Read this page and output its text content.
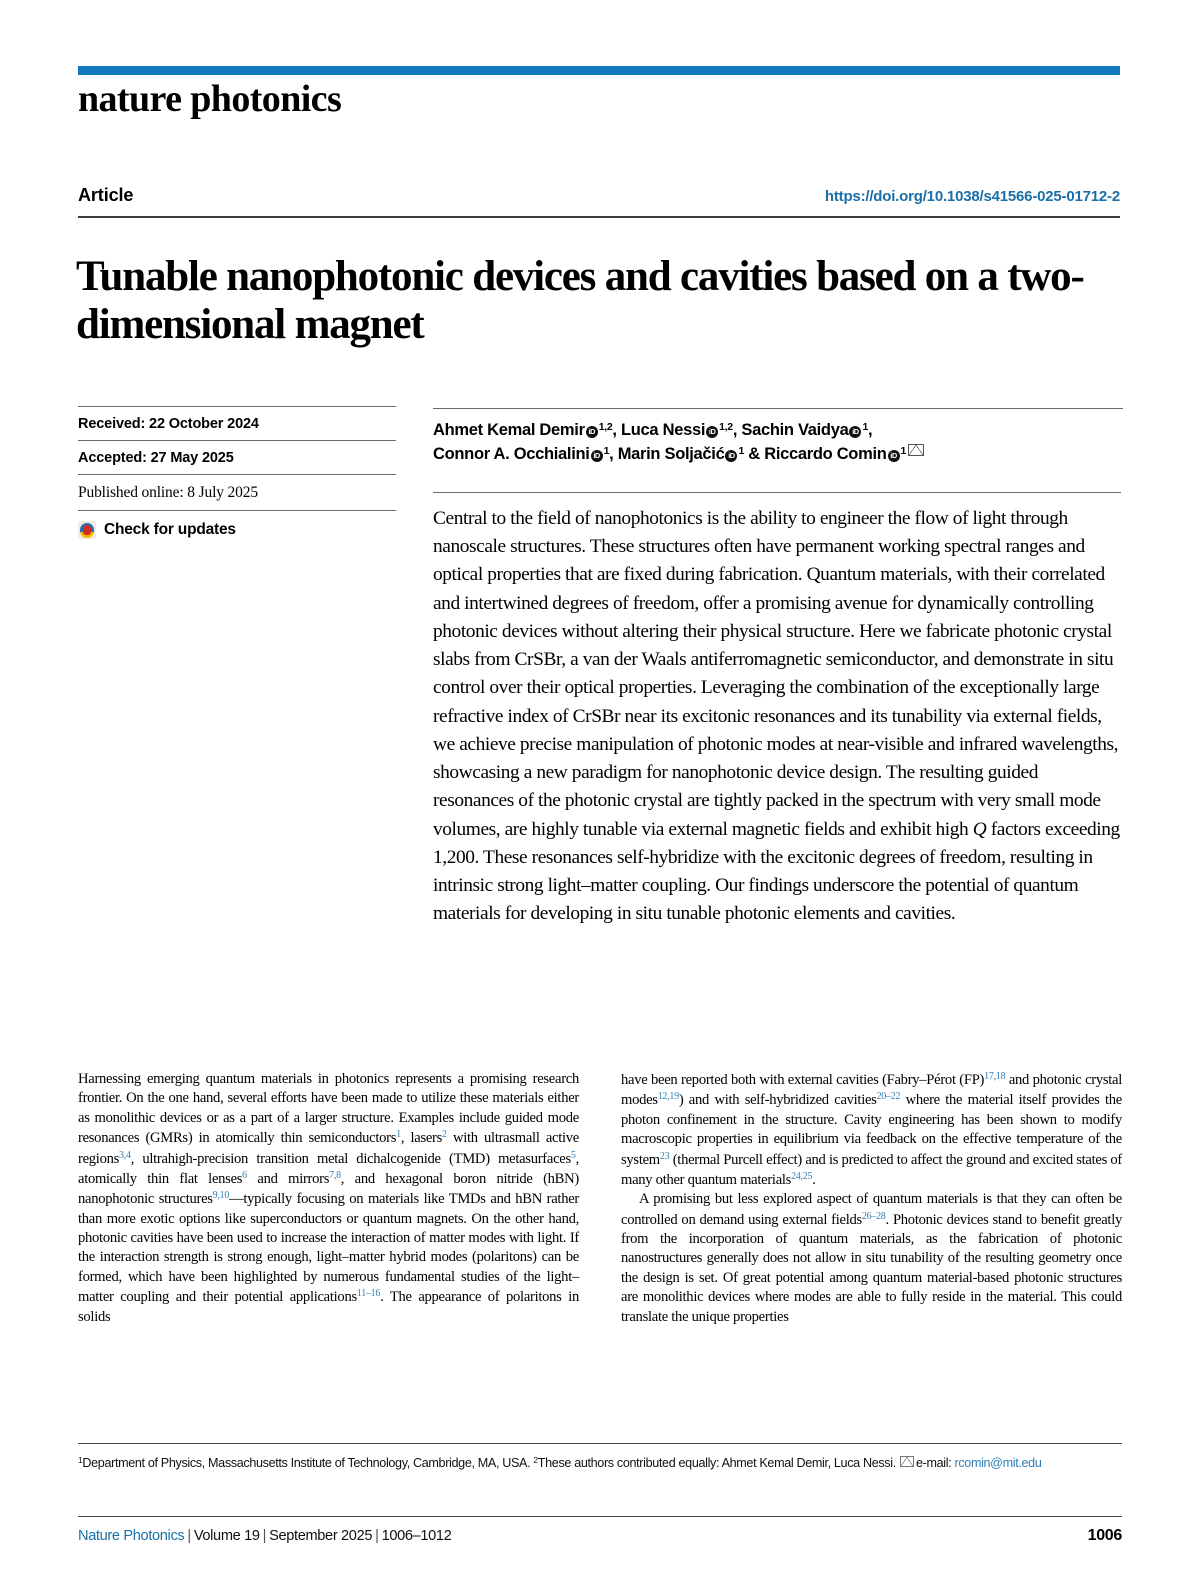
nature photonics
Article	https://doi.org/10.1038/s41566-025-01712-2
Tunable nanophotonic devices and cavities based on a two-dimensional magnet
Received: 22 October 2024
Accepted: 27 May 2025
Published online: 8 July 2025
Check for updates
Ahmet Kemal Demir iD $^{1,2}$, Luca Nessi iD $^{1,2}$, Sachin Vaidya iD $^1$,
Connor A. Occhialini iD $^1$, Marin Soljačić iD $^1$ & Riccardo Comin iD $^1$
Central to the field of nanophotonics is the ability to engineer the flow of light through nanoscale structures. These structures often have permanent working spectral ranges and optical properties that are fixed during fabrication. Quantum materials, with their correlated and intertwined degrees of freedom, offer a promising avenue for dynamically controlling photonic devices without altering their physical structure. Here we fabricate photonic crystal slabs from CrSBr, a van der Waals antiferromagnetic semiconductor, and demonstrate in situ control over their optical properties. Leveraging the combination of the exceptionally large refractive index of CrSBr near its excitonic resonances and its tunability via external fields, we achieve precise manipulation of photonic modes at near-visible and infrared wavelengths, showcasing a new paradigm for nanophotonic device design. The resulting guided resonances of the photonic crystal are tightly packed in the spectrum with very small mode volumes, are highly tunable via external magnetic fields and exhibit high Q factors exceeding 1,200. These resonances self-hybridize with the excitonic degrees of freedom, resulting in intrinsic strong light–matter coupling. Our findings underscore the potential of quantum materials for developing in situ tunable photonic elements and cavities.

Harnessing emerging quantum materials in photonics represents a promising research frontier. On the one hand, several efforts have been made to utilize these materials either as monolithic devices or as a part of a larger structure. Examples include guided mode resonances (GMRs) in atomically thin semiconductors$^1$, lasers$^2$ with ultrasmall active regions$^{3,4}$, ultrahigh-precision transition metal dichalcogenide (TMD) metasurfaces$^5$, atomically thin flat lenses$^6$ and mirrors$^{7,8}$, and hexagonal boron nitride (hBN) nanophotonic structures$^{9,10}$—typically focusing on materials like TMDs and hBN rather than more exotic options like superconductors or quantum magnets. On the other hand, photonic cavities have been used to increase the interaction of matter modes with light. If the interaction strength is strong enough, light–matter hybrid modes (polaritons) can be formed, which have been highlighted by numerous fundamental studies of the light–matter coupling and their potential applications$^{11-16}$. The appearance of polaritons in solids

have been reported both with external cavities (Fabry–Pérot (FP)$^{17,18}$ and photonic crystal modes$^{12,19}$) and with self-hybridized cavities$^{20-22}$ where the material itself provides the photon confinement in the structure. Cavity engineering has been shown to modify macroscopic properties in equilibrium via feedback on the effective temperature of the system$^{23}$ (thermal Purcell effect) and is predicted to affect the ground and excited states of many other quantum materials$^{24,25}$.

A promising but less explored aspect of quantum materials is that they can often be controlled on demand using external fields$^{26-28}$. Photonic devices stand to benefit greatly from the incorporation of quantum materials, as the fabrication of photonic nanostructures generally does not allow in situ tunability of the resulting geometry once the design is set. Of great potential among quantum material-based photonic structures are monolithic devices where modes are able to fully reside in the material. This could translate the unique properties

$^1$Department of Physics, Massachusetts Institute of Technology, Cambridge, MA, USA. $^2$These authors contributed equally: Ahmet Kemal Demir, Luca Nessi. e-mail: rcomin@mit.edu
Nature Photonics | Volume 19 | September 2025 | 1006–1012	1006
